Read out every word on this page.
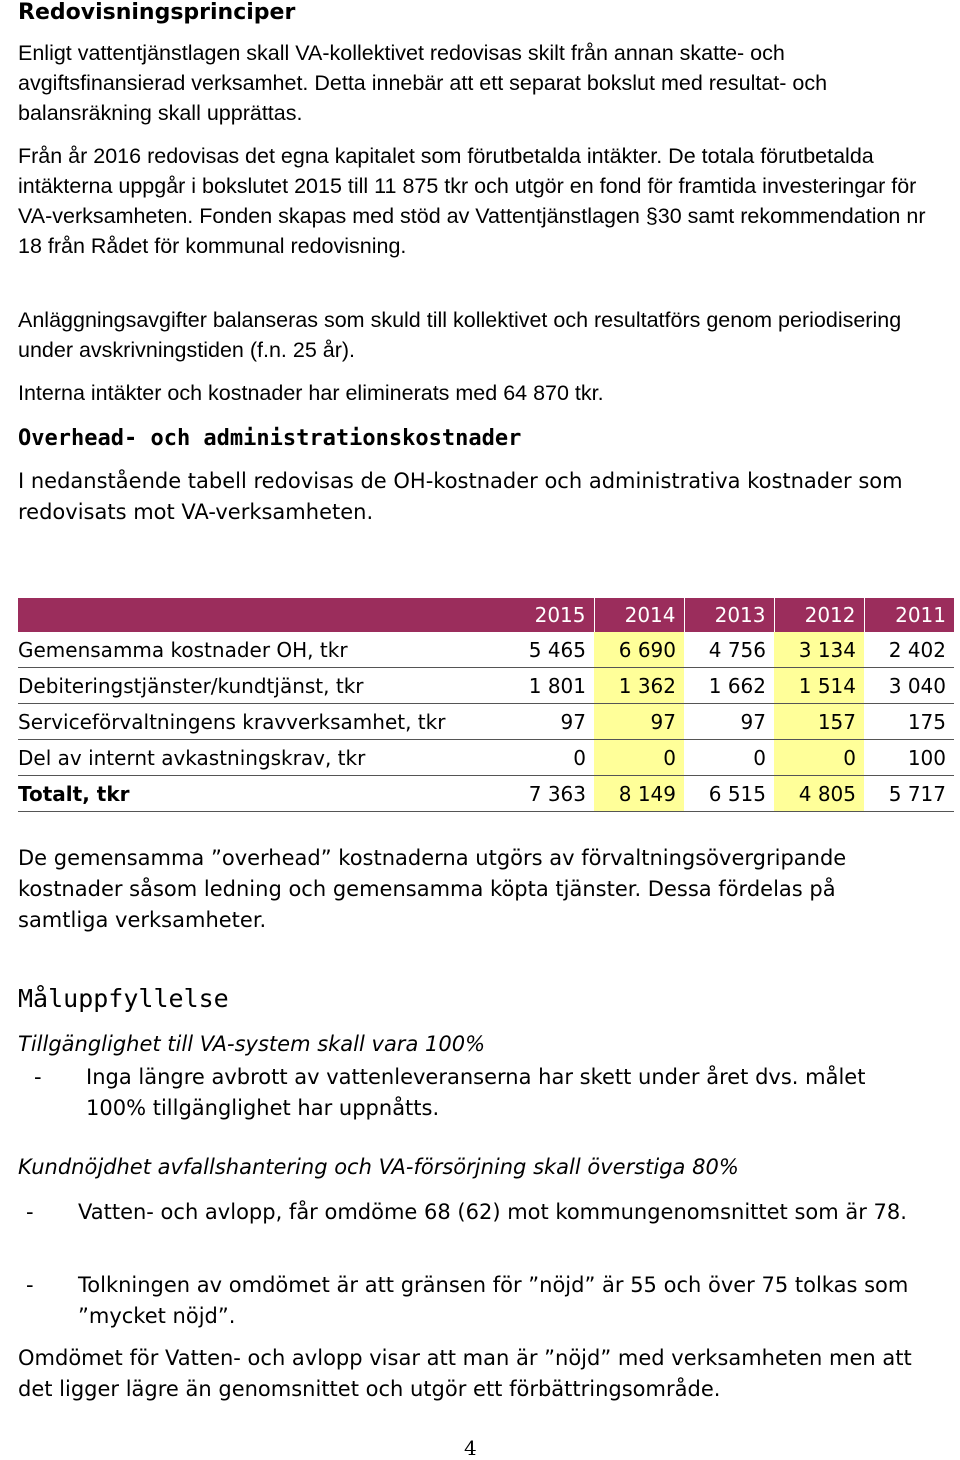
Redovisningsprinciper

Enligt vattentjänstlagen skall VA-kollektivet redovisas skilt från annan skatte- och avgiftsfinansierad verksamhet. Detta innebär att ett separat bokslut med resultat- och balansräkning skall upprättas.

Från år 2016 redovisas det egna kapitalet som förutbetalda intäkter. De totala förutbetalda intäkterna uppgår i bokslutet 2015 till 11 875 tkr och utgör en fond för framtida investeringar för VA-verksamheten. Fonden skapas med stöd av Vattentjänstlagen §30 samt rekommendation nr 18 från Rådet för kommunal redovisning.

Anläggningsavgifter balanseras som skuld till kollektivet och resultatförs genom periodisering under avskrivningstiden (f.n. 25 år).

Interna intäkter och kostnader har eliminerats med 64 870 tkr.

Overhead- och administrationskostnader

I nedanstående tabell redovisas de OH-kostnader och administrativa kostnader som redovisats mot VA-verksamheten.

	2015	2014	2013	2012	2011
Gemensamma kostnader OH, tkr	5 465	6 690	4 756	3 134	2 402
Debiteringstjänster/kundtjänst, tkr	1 801	1 362	1 662	1 514	3 040
Serviceförvaltningens kravverksamhet, tkr	97	97	97	157	175
Del av internt avkastningskrav, tkr	0	0	0	0	100
Totalt, tkr	7 363	8 149	6 515	4 805	5 717

De gemensamma ”overhead” kostnaderna utgörs av förvaltningsövergripande kostnader såsom ledning och gemensamma köpta tjänster. Dessa fördelas på samtliga verksamheter.

Måluppfyllelse

Tillgänglighet till VA-system skall vara 100%

- Inga längre avbrott av vattenleveranserna har skett under året dvs. målet 100% tillgänglighet har uppnåtts.

Kundnöjdhet avfallshantering och VA-försörjning skall överstiga 80%

- Vatten- och avlopp, får omdöme 68 (62) mot kommungenomsnittet som är 78.

- Tolkningen av omdömet är att gränsen för ”nöjd” är 55 och över 75 tolkas som ”mycket nöjd”.

Omdömet för Vatten- och avlopp visar att man är ”nöjd” med verksamheten men att det ligger lägre än genomsnittet och utgör ett förbättringsområde.

4
